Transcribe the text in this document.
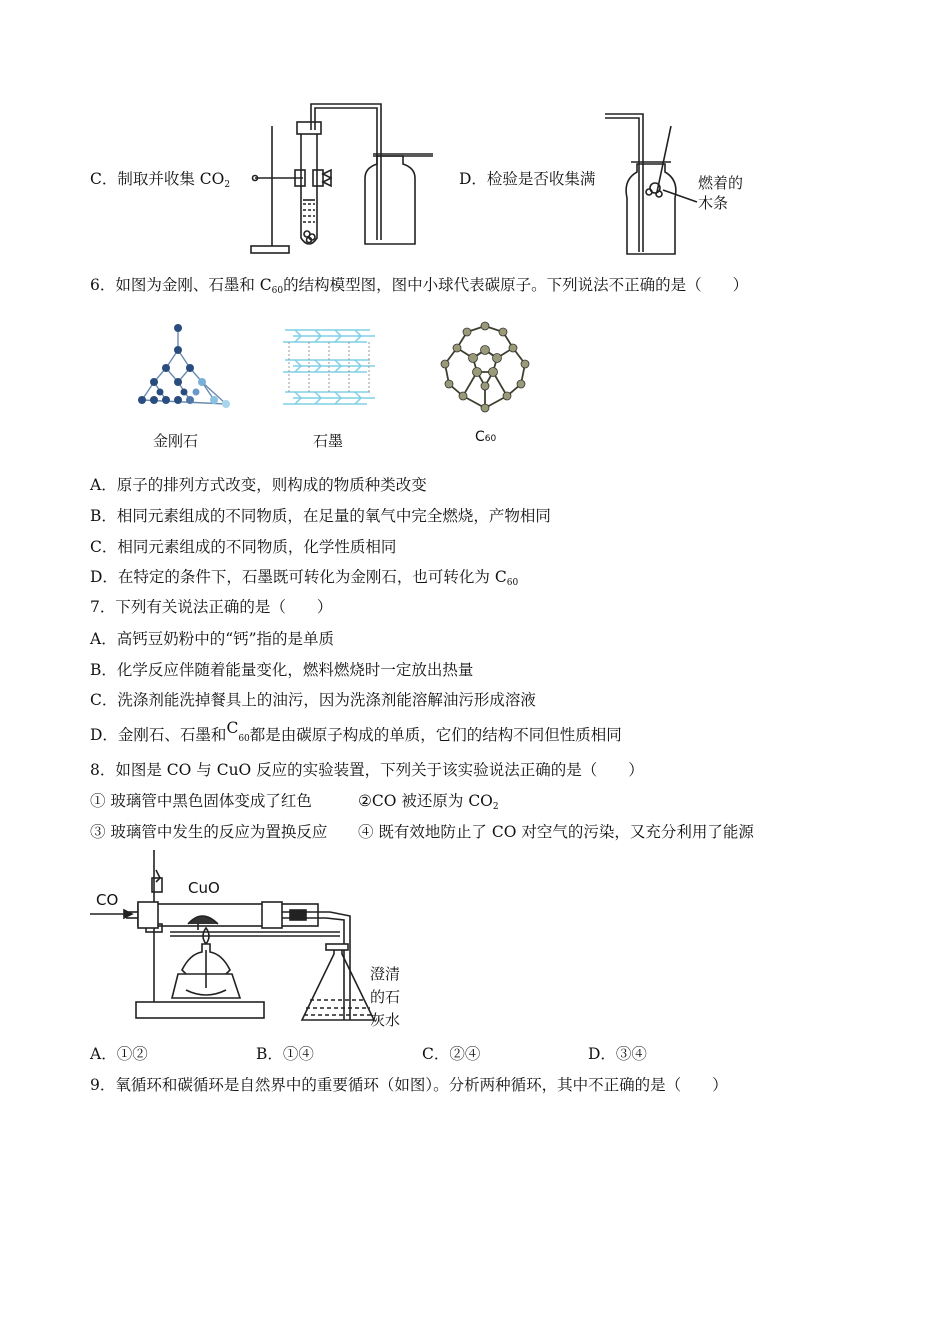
C．制取并收集 $CO_2$	D．检验是否收集满	燃着的
木条
6．如图为金刚、石墨和 $C_{60}$的结构模型图，图中小球代表碳原子。下列说法不正确的是（　　）
金刚石	石墨	C60
A．原子的排列方式改变，则构成的物质种类改变
B．相同元素组成的不同物质，在足量的氧气中完全燃烧，产物相同
C．相同元素组成的不同物质，化学性质相同
D．在特定的条件下，石墨既可转化为金刚石，也可转化为 $C_{60}$
7．下列有关说法正确的是（　　）
A．高钙豆奶粉中的“钙”指的是单质
B．化学反应伴随着能量变化，燃料燃烧时一定放出热量
C．洗涤剂能洗掉餐具上的油污，因为洗涤剂能溶解油污形成溶液
D．金刚石、石墨和C60都是由碳原子构成的单质，它们的结构不同但性质相同
8．如图是 CO 与 CuO 反应的实验装置，下列关于该实验说法正确的是（　　）
① 玻璃管中黑色固体变成了红色	②CO 被还原为 $CO_2$
③ 玻璃管中发生的反应为置换反应 ④ 既有效地防止了 CO 对空气的污染，又充分利用了能源
CO
CuO
澄清
的石
灰水
A．①②	B．①④	C．②④	D．③④
9．氧循环和碳循环是自然界中的重要循环（如图）。分析两种循环，其中不正确的是（　　）
